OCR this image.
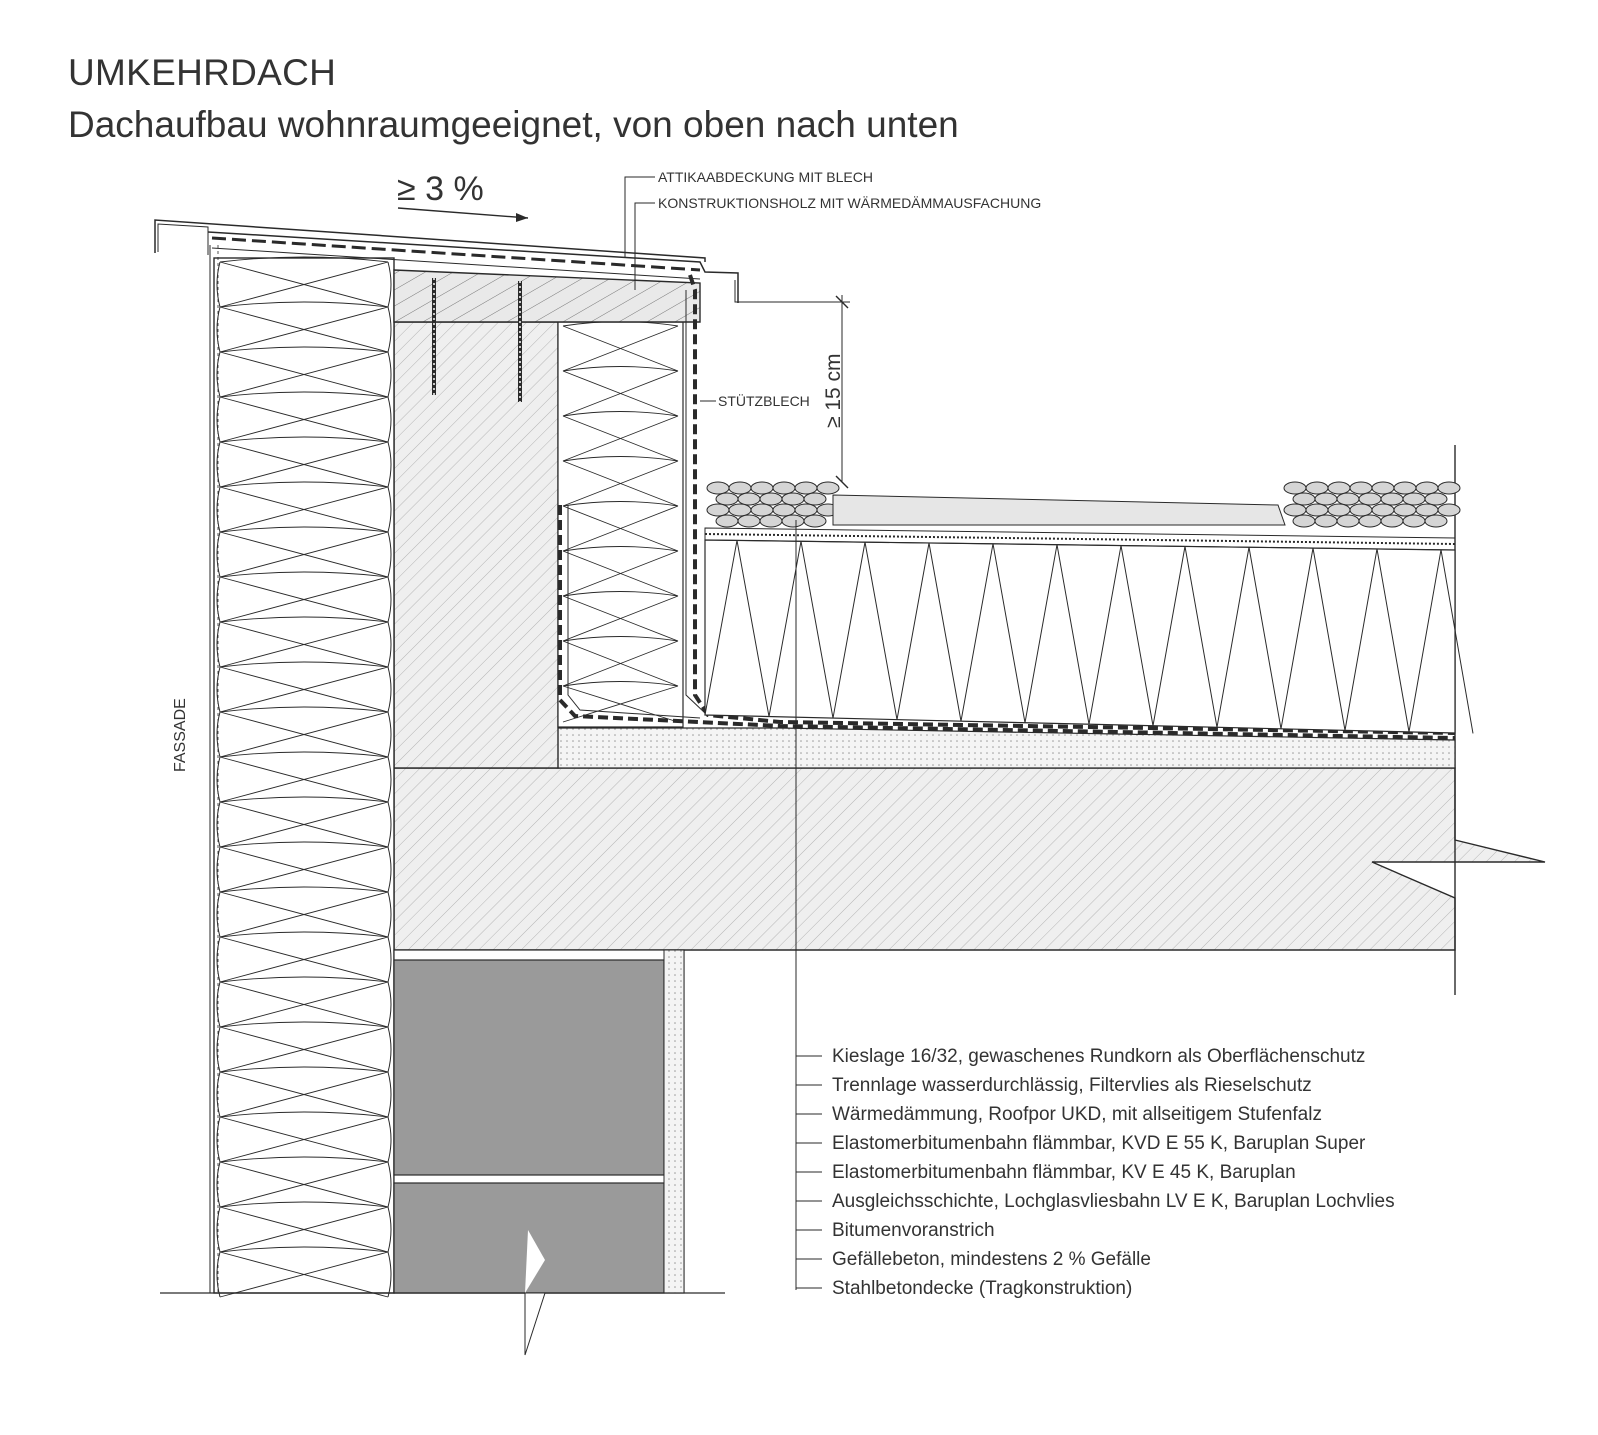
UMKEHRDACH
Dachaufbau wohnraumgeeignet, von oben nach unten
≥ 3 %
≥ 15 cm
ATTIKAABDECKUNG MIT BLECH
KONSTRUKTIONSHOLZ MIT WÄRMEDÄMMAUSFACHUNG
STÜTZBLECH
FASSADE
Kieslage 16/32, gewaschenes Rundkorn als Oberflächenschutz
Trennlage wasserdurchlässig, Filtervlies als Rieselschutz
Wärmedämmung, Roofpor UKD, mit allseitigem Stufenfalz
Elastomerbitumenbahn flämmbar, KVD E 55 K, Baruplan Super
Elastomerbitumenbahn flämmbar, KV E 45 K, Baruplan
Ausgleichsschichte, Lochglasvliesbahn LV E K, Baruplan Lochvlies
Bitumenvoranstrich
Gefällebeton, mindestens 2 % Gefälle
Stahlbetondecke (Tragkonstruktion)
